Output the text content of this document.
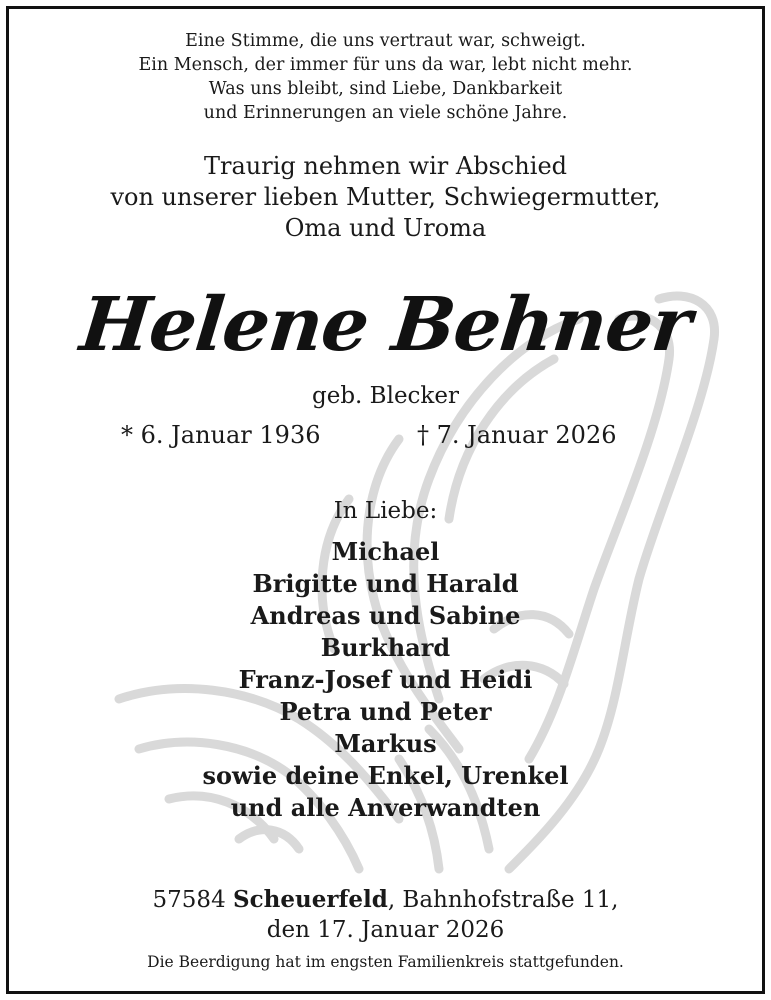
Eine Stimme, die uns vertraut war, schweigt.
Ein Mensch, der immer für uns da war, lebt nicht mehr.
Was uns bleibt, sind Liebe, Dankbarkeit
und Erinnerungen an viele schöne Jahre.
Traurig nehmen wir Abschied
von unserer lieben Mutter, Schwiegermutter,
Oma und Uroma
Helene Behner
geb. Blecker
* 6. Januar 1936	† 7. Januar 2026
In Liebe:
Michael
Brigitte und Harald
Andreas und Sabine
Burkhard
Franz-Josef und Heidi
Petra und Peter
Markus
sowie deine Enkel, Urenkel
und alle Anverwandten
57584 Scheuerfeld, Bahnhofstraße 11,
den 17. Januar 2026
Die Beerdigung hat im engsten Familienkreis stattgefunden.
